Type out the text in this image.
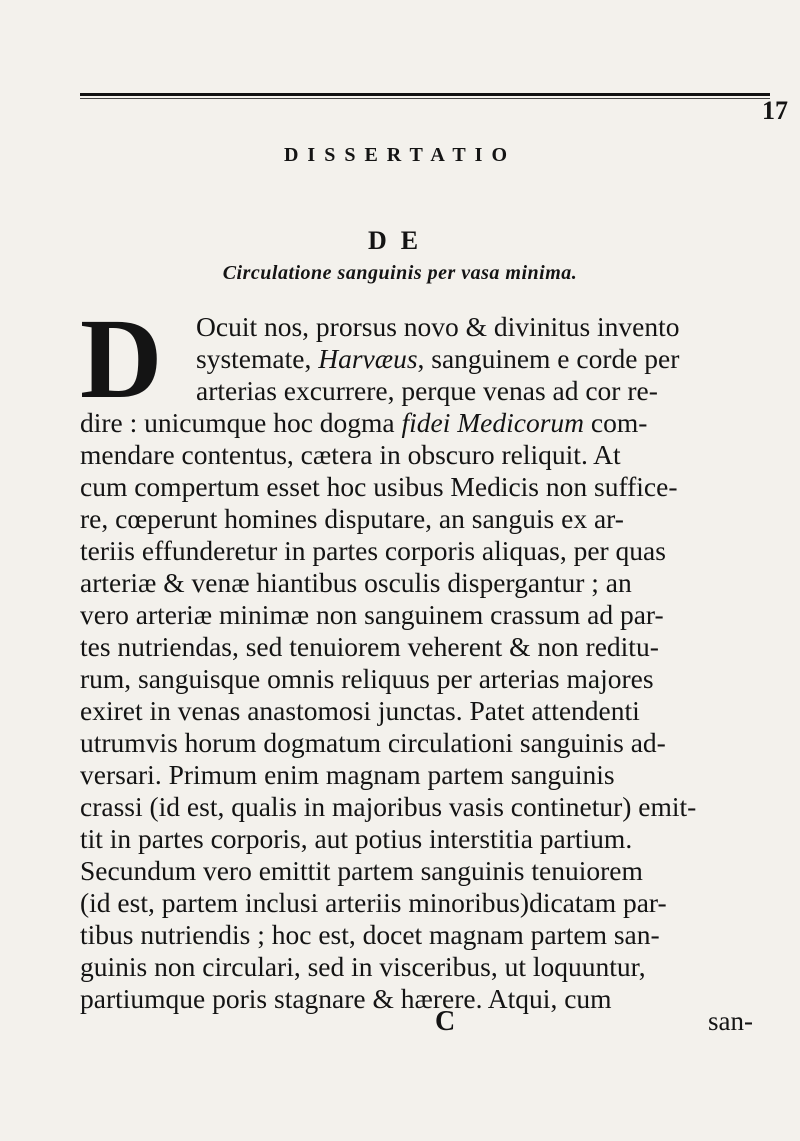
17
DISSERTATIO
DE
Circulatione sanguinis per vasa minima.
D Ocuit nos, prorsus novo & divinitus invento
systemate, Harvæus, sanguinem e corde per
arterias excurrere, perque venas ad cor re-
dire : unicumque hoc dogma fidei Medicorum com-
mendare contentus, cætera in obscuro reliquit. At
cum compertum esset hoc usibus Medicis non suffice-
re, cœperunt homines disputare, an sanguis ex ar-
teriis effunderetur in partes corporis aliquas, per quas
arteriæ & venæ hiantibus osculis dispergantur ; an
vero arteriæ minimæ non sanguinem crassum ad par-
tes nutriendas, sed tenuiorem veherent & non reditu-
rum, sanguisque omnis reliquus per arterias majores
exiret in venas anastomosi junctas. Patet attendenti
utrumvis horum dogmatum circulationi sanguinis ad-
versari. Primum enim magnam partem sanguinis
crassi (id est, qualis in majoribus vasis continetur) emit-
tit in partes corporis, aut potius interstitia partium.
Secundum vero emittit partem sanguinis tenuiorem
(id est, partem inclusi arteriis minoribus)dicatam par-
tibus nutriendis ; hoc est, docet magnam partem san-
guinis non circulari, sed in visceribus, ut loquuntur,
partiumque poris stagnare & hærere. Atqui, cum
C	san-
